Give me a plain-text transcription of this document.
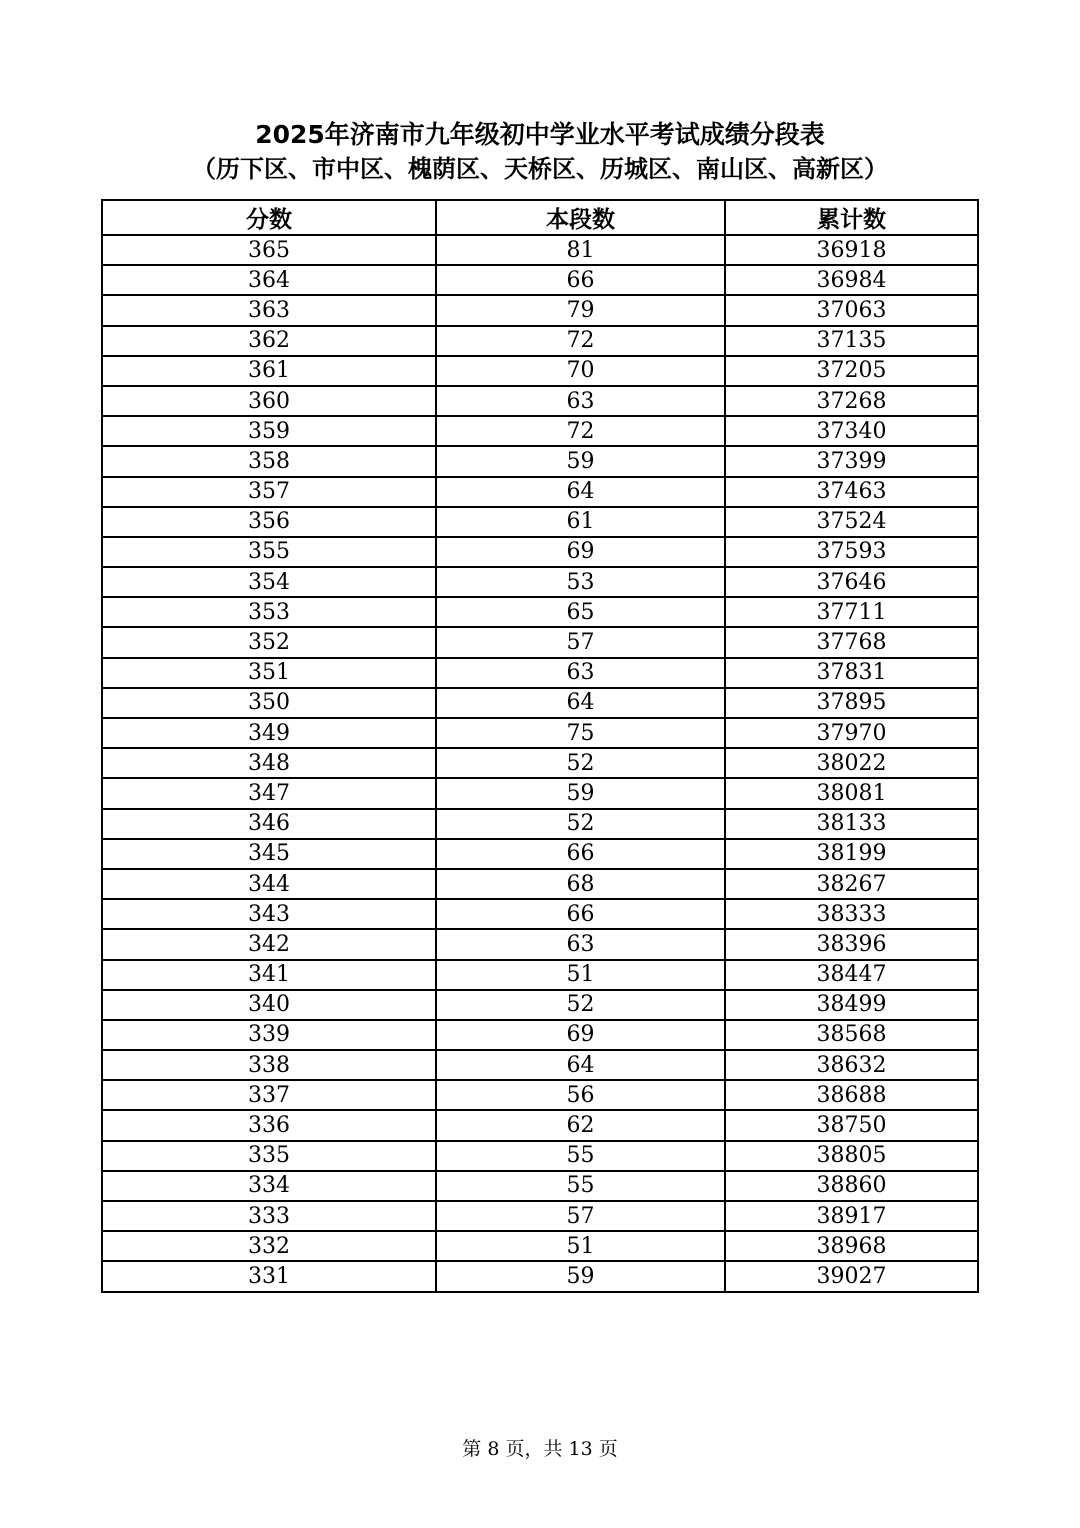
2025年济南市九年级初中学业水平考试成绩分段表
（历下区、市中区、槐荫区、天桥区、历城区、南山区、高新区）
分数	本段数	累计数
365	81	36918
364	66	36984
363	79	37063
362	72	37135
361	70	37205
360	63	37268
359	72	37340
358	59	37399
357	64	37463
356	61	37524
355	69	37593
354	53	37646
353	65	37711
352	57	37768
351	63	37831
350	64	37895
349	75	37970
348	52	38022
347	59	38081
346	52	38133
345	66	38199
344	68	38267
343	66	38333
342	63	38396
341	51	38447
340	52	38499
339	69	38568
338	64	38632
337	56	38688
336	62	38750
335	55	38805
334	55	38860
333	57	38917
332	51	38968
331	59	39027
第 8 页，共 13 页
